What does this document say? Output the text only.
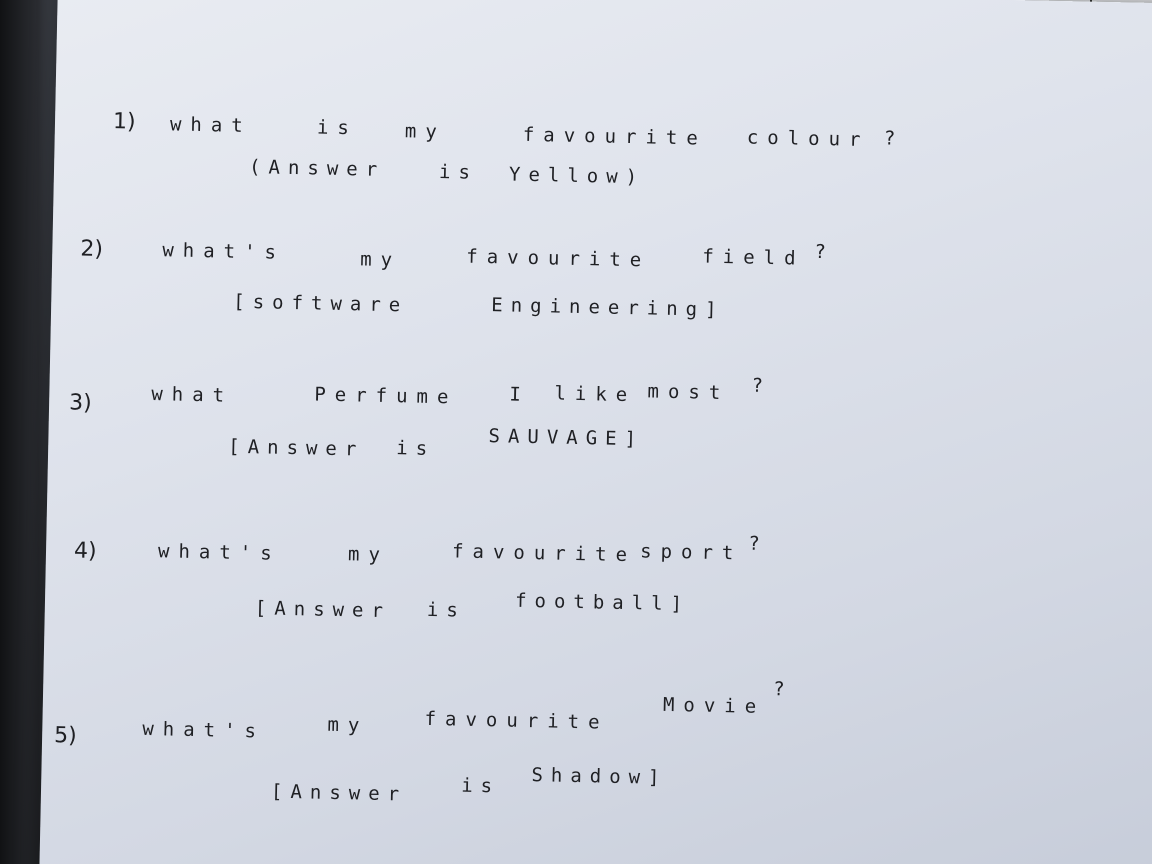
1) what	is my	favourite colour ?
(Answer	is Yellow)
2)	what's	my	favourite	field ?
[software	Engineering]
3)	what	Perfume	I like most ?
[Answer is	SAUVAGE]
4)	what's	my	favourite sport ?
[Answer is	football]
5)	what's	my	favourite
Movie
?
[Answer	is Shadow]
